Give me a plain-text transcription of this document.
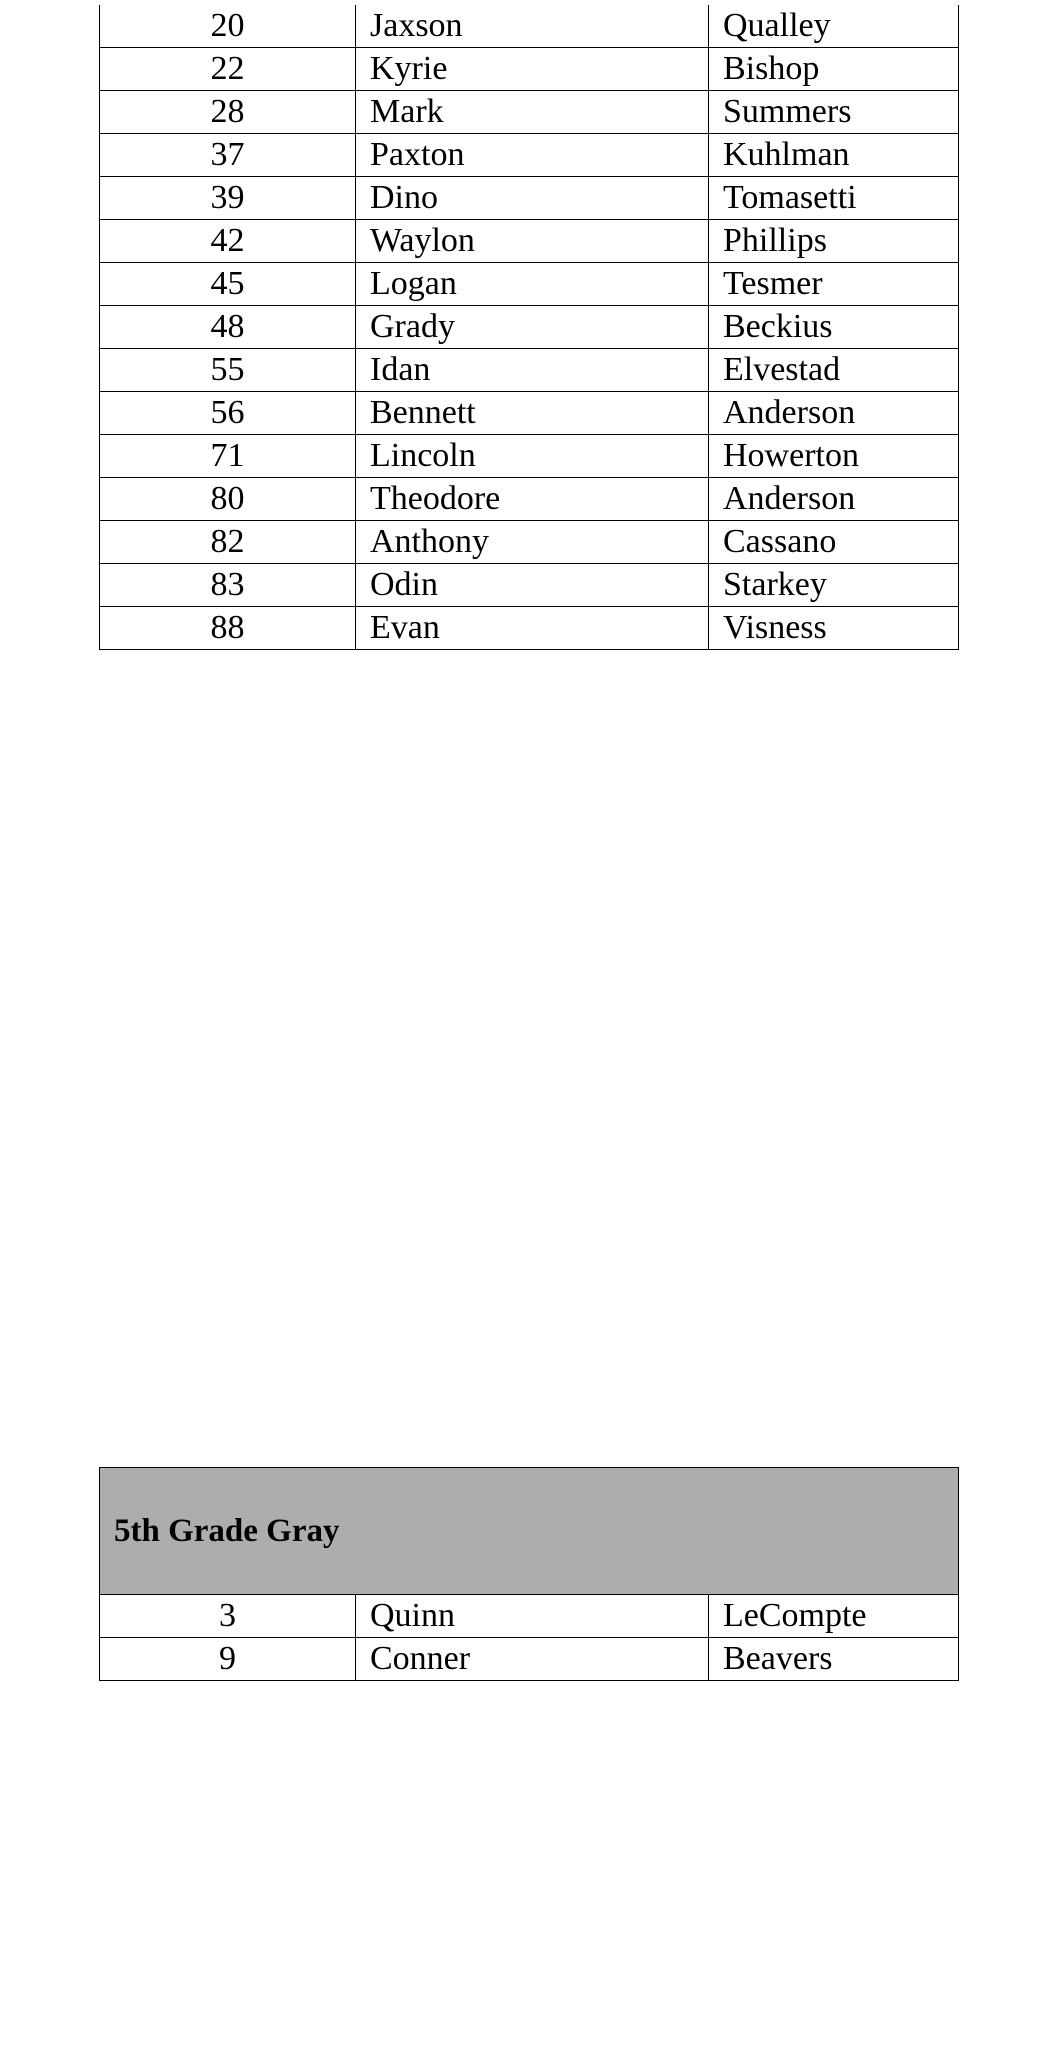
20	Jaxson	Qualley
22	Kyrie	Bishop
28	Mark	Summers
37	Paxton	Kuhlman
39	Dino	Tomasetti
42	Waylon	Phillips
45	Logan	Tesmer
48	Grady	Beckius
55	Idan	Elvestad
56	Bennett	Anderson
71	Lincoln	Howerton
80	Theodore	Anderson
82	Anthony	Cassano
83	Odin	Starkey
88	Evan	Visness
5th Grade Gray		
3	Quinn	LeCompte
9	Conner	Beavers
